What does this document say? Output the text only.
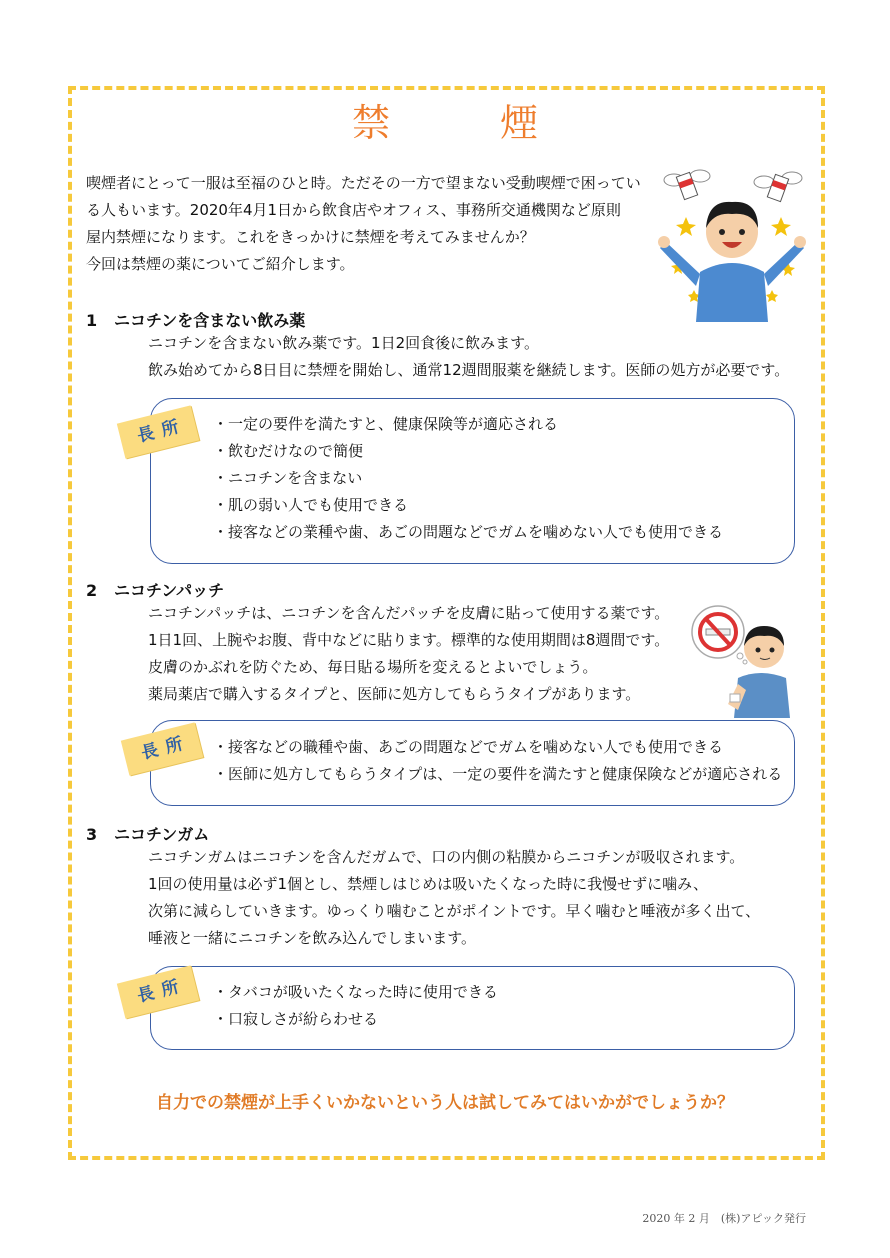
禁　煙

喫煙者にとって一服は至福のひと時。ただその一方で望まない受動喫煙で困ってい

る人もいます。2020年4月1日から飲食店やオフィス、事務所交通機関など原則

屋内禁煙になります。これをきっかけに禁煙を考えてみませんか？

今回は禁煙の薬についてご紹介します。

1 ニコチンを含まない飲み薬

ニコチンを含まない飲み薬です。1日2回食後に飲みます。

飲み始めてから8日目に禁煙を開始し、通常12週間服薬を継続します。医師の処方が必要です。

・一定の要件を満たすと、健康保険等が適応される
・飲むだけなので簡便
・ニコチンを含まない
・肌の弱い人でも使用できる
・接客などの業種や歯、あごの問題などでガムを噛めない人でも使用できる
長所
2 ニコチンパッチ

ニコチンパッチは、ニコチンを含んだパッチを皮膚に貼って使用する薬です。

1日1回、上腕やお腹、背中などに貼ります。標準的な使用期間は8週間です。

皮膚のかぶれを防ぐため、毎日貼る場所を変えるとよいでしょう。

薬局薬店で購入するタイプと、医師に処方してもらうタイプがあります。

・接客などの職種や歯、あごの問題などでガムを噛めない人でも使用できる
・医師に処方してもらうタイプは、一定の要件を満たすと健康保険などが適応される
長所
3 ニコチンガム

ニコチンガムはニコチンを含んだガムで、口の内側の粘膜からニコチンが吸収されます。

1回の使用量は必ず1個とし、禁煙しはじめは吸いたくなった時に我慢せずに噛み、

次第に減らしていきます。ゆっくり噛むことがポイントです。早く噛むと唾液が多く出て、

唾液と一緒にニコチンを飲み込んでしまいます。

・タバコが吸いたくなった時に使用できる
・口寂しさが紛らわせる
長所
自力での禁煙が上手くいかないという人は試してみてはいかがでしょうか？
2020 年 2 月　(株)アピック発行
